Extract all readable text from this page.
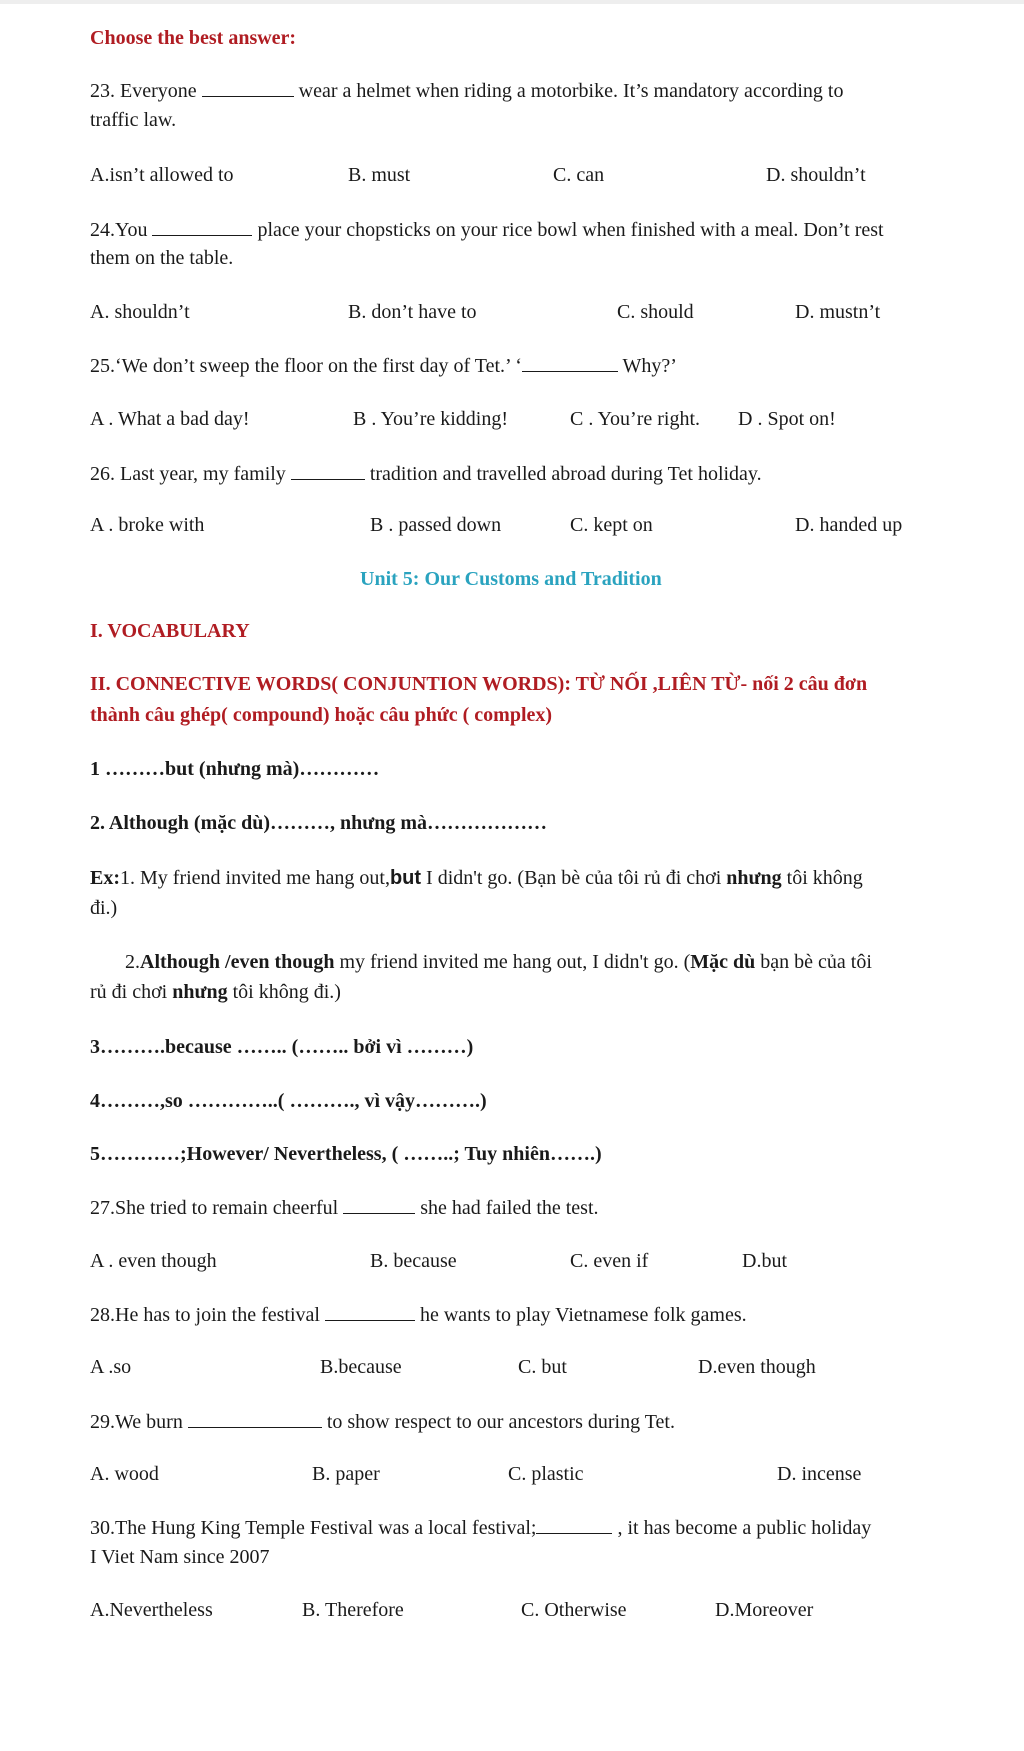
Choose the best answer:
23. Everyone	wear a helmet when riding a motorbike. It’s mandatory according to
traffic law.
A.isn’t allowed to	B. must	C. can	D. shouldn’t
24.You	place your chopsticks on your rice bowl when finished with a meal. Don’t rest
them on the table.
A. shouldn’t	B. don’t have to	C. should	D. mustn’t
25.‘We don’t sweep the floor on the first day of Tet.’ ‘	Why?’
A . What a bad day!	B . You’re kidding!	C . You’re right. D . Spot on!
26. Last year, my family	tradition and travelled abroad during Tet holiday.
A . broke with	B . passed down	C. kept on	D. handed up
Unit 5: Our Customs and Tradition
I. VOCABULARY
II. CONNECTIVE WORDS( CONJUNTION WORDS): TỪ NỐI ,LIÊN TỪ- nối 2 câu đơn
thành câu ghép( compound) hoặc câu phức ( complex)
1 ………but (nhưng mà)…………
2. Although (mặc dù)………, nhưng mà………………
Ex:1. My friend invited me hang out,but I didn't go. (Bạn bè của tôi rủ đi chơi nhưng tôi không
đi.)
2.Although /even though my friend invited me hang out, I didn't go. (Mặc dù bạn bè của tôi
rủ đi chơi nhưng tôi không đi.)
3……….because …….. (…….. bởi vì ………)
4………,so …………..( ………., vì vậy……….)
5…………;However/ Nevertheless, ( ……..; Tuy nhiên…….)
27.She tried to remain cheerful	she had failed the test.
A . even though	B. because	C. even if	D.but
28.He has to join the festival	he wants to play Vietnamese folk games.
A .so	B.because	C. but	D.even though
29.We burn	to show respect to our ancestors during Tet.
A. wood	B. paper	C. plastic	D. incense
30.The Hung King Temple Festival was a local festival;	, it has become a public holiday
I Viet Nam since 2007
A.Nevertheless	B. Therefore	C. Otherwise	D.Moreover
